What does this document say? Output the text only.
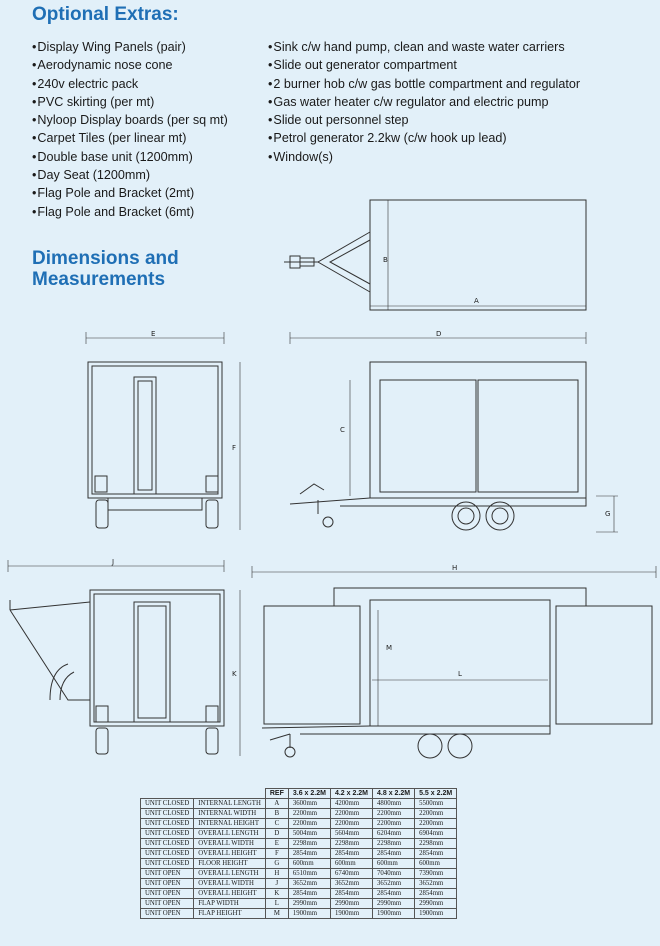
Optional Extras:
• Display Wing Panels (pair)
• Aerodynamic nose cone
• 240v electric pack
• PVC skirting (per mt)
• Nyloop Display boards (per sq mt)
• Carpet Tiles (per linear mt)
• Double base unit (1200mm)
• Day Seat (1200mm)
• Flag Pole and Bracket (2mt)
• Flag Pole and Bracket (6mt)
• Sink c/w hand pump, clean and waste water carriers
• Slide out generator compartment
• 2 burner hob c/w gas bottle compartment and regulator
• Gas water heater c/w regulator and electric pump
• Slide out personnel step
• Petrol generator 2.2kw (c/w hook up lead)
• Window(s)
Dimensions and
Measurements
B
A
E
F
D
C
G
J
K
H
M
L
		REF	3.6 x 2.2M	4.2 x 2.2M	4.8 x 2.2M	5.5 x 2.2M
UNIT CLOSED	INTERNAL LENGTH	A	3600mm	4200mm	4800mm	5500mm
UNIT CLOSED	INTERNAL WIDTH	B	2200mm	2200mm	2200mm	2200mm
UNIT CLOSED	INTERNAL HEIGHT	C	2200mm	2200mm	2200mm	2200mm
UNIT CLOSED	OVERALL LENGTH	D	5004mm	5604mm	6204mm	6904mm
UNIT CLOSED	OVERALL WIDTH	E	2298mm	2298mm	2298mm	2298mm
UNIT CLOSED	OVERALL HEIGHT	F	2854mm	2854mm	2854mm	2854mm
UNIT CLOSED	FLOOR HEIGHT	G	600mm	600mm	600mm	600mm
UNIT OPEN	OVERALL LENGTH	H	6510mm	6740mm	7040mm	7390mm
UNIT OPEN	OVERALL WIDTH	J	3652mm	3652mm	3652mm	3652mm
UNIT OPEN	OVERALL HEIGHT	K	2854mm	2854mm	2854mm	2854mm
UNIT OPEN	FLAP WIDTH	L	2990mm	2990mm	2990mm	2990mm
UNIT OPEN	FLAP HEIGHT	M	1900mm	1900mm	1900mm	1900mm
